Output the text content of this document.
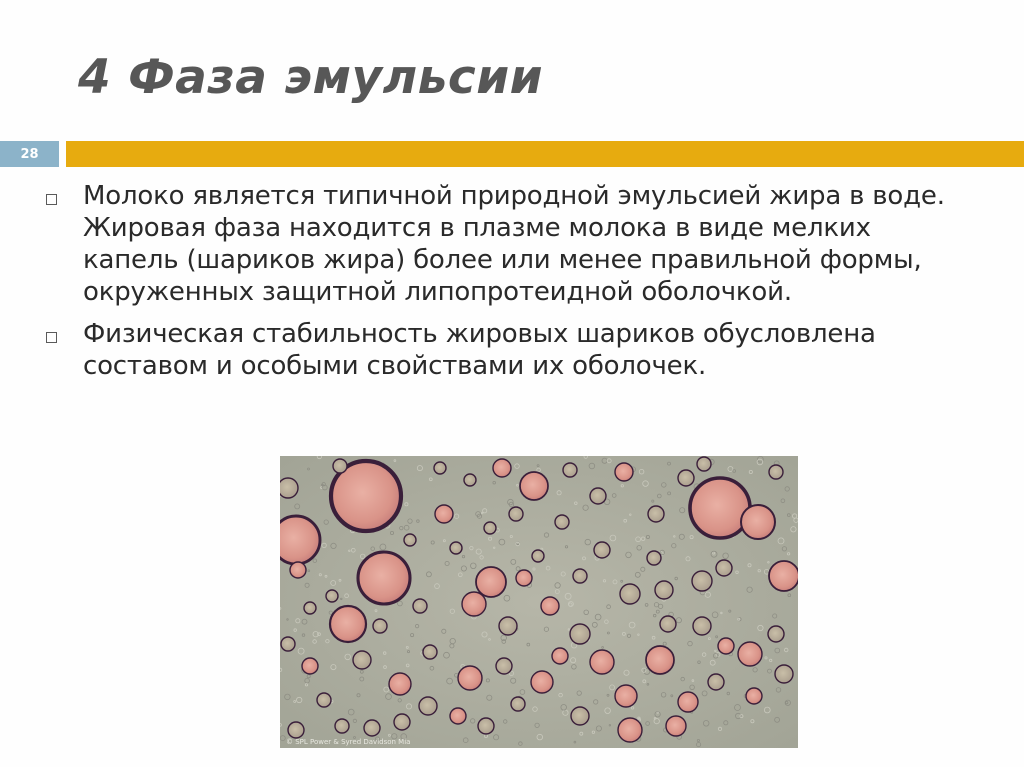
4 Фаза эмульсии
28
Молоко является типичной природной эмульсией жира в воде. Жировая фаза находится в плазме молока в виде мелких капель (шариков жира) более или менее правильной формы, окруженных защитной липопротеидной оболочкой.
Физическая стабильность жировых шариков обусловлена составом и особыми свойствами их оболочек.
© SPL Power & Syred Davidson Mia
